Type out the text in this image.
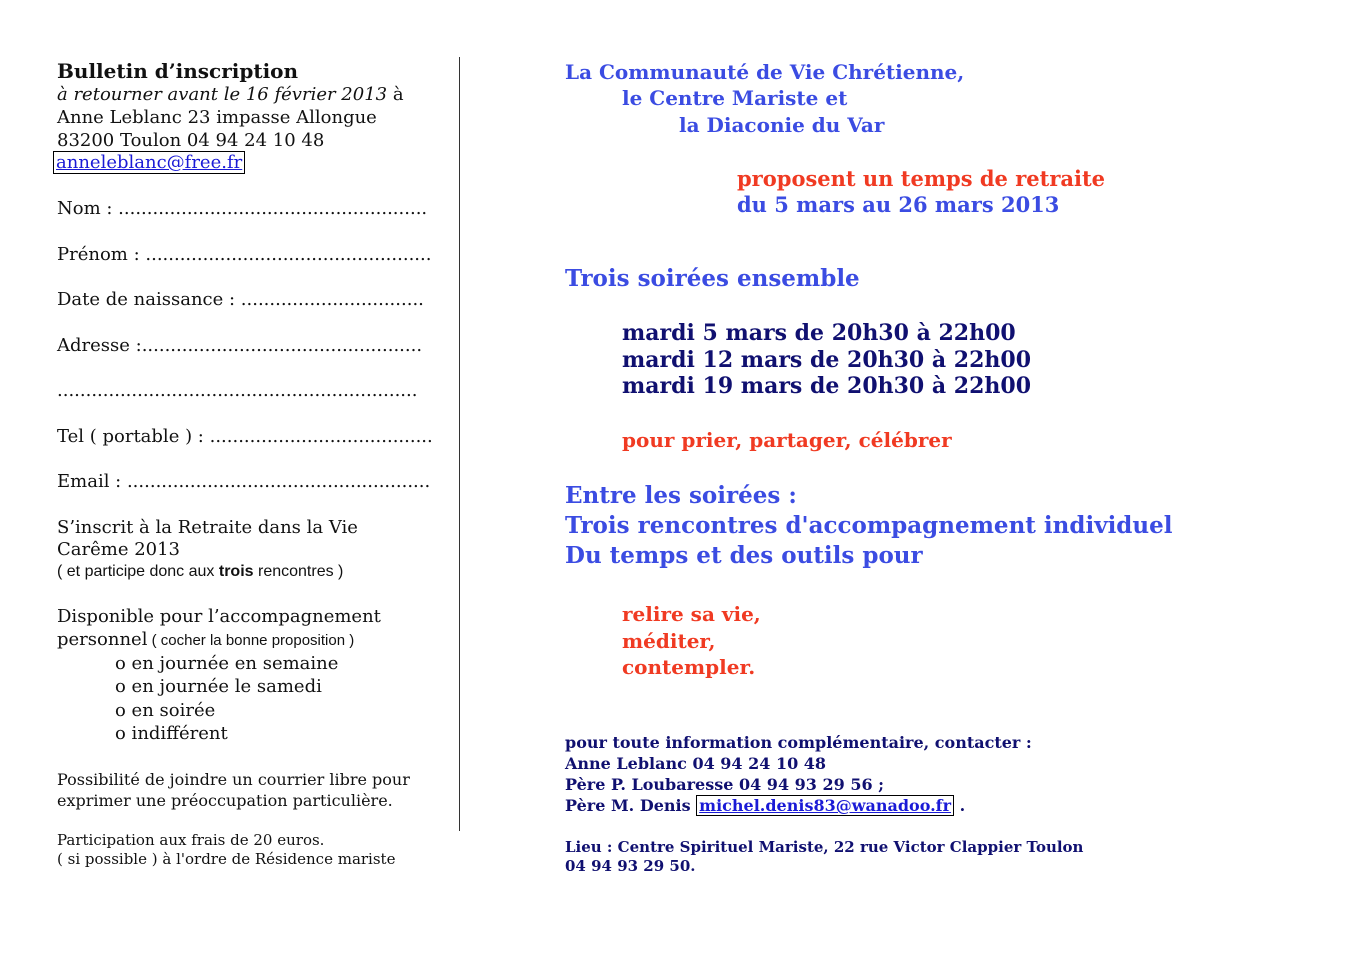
Bulletin d’inscription
à retourner avant le 16 février 2013 à
Anne Leblanc 23 impasse Allongue
83200 Toulon 04 94 24 10 48
anneleblanc@free.fr
Nom : ......................................................
Prénom : ..................................................
Date de naissance : ................................
Adresse :.................................................
...............................................................
Tel ( portable ) : .......................................
Email : .....................................................
S’inscrit à la Retraite dans la Vie
Carême 2013
( et participe donc aux trois rencontres )
Disponible pour l’accompagnement
personnel ( cocher la bonne proposition )
o en journée en semaine
o en journée le samedi
o en soirée
o indifférent
Possibilité de joindre un courrier libre pour
exprimer une préoccupation particulière.
Participation aux frais de 20 euros.
( si possible ) à l'ordre de Résidence mariste
La Communauté de Vie Chrétienne,
le Centre Mariste et
la Diaconie du Var
proposent un temps de retraite
du 5 mars au 26 mars 2013
Trois soirées ensemble
mardi 5 mars de 20h30 à 22h00
mardi 12 mars de 20h30 à 22h00
mardi 19 mars de 20h30 à 22h00
pour prier, partager, célébrer
Entre les soirées :
Trois rencontres d'accompagnement individuel
Du temps et des outils pour
relire sa vie,
méditer,
contempler.
pour toute information complémentaire, contacter :
Anne Leblanc 04 94 24 10 48
Père P. Loubaresse 04 94 93 29 56 ;
Père M. Denis michel.denis83@wanadoo.fr .
Lieu : Centre Spirituel Mariste, 22 rue Victor Clappier Toulon
04 94 93 29 50.
